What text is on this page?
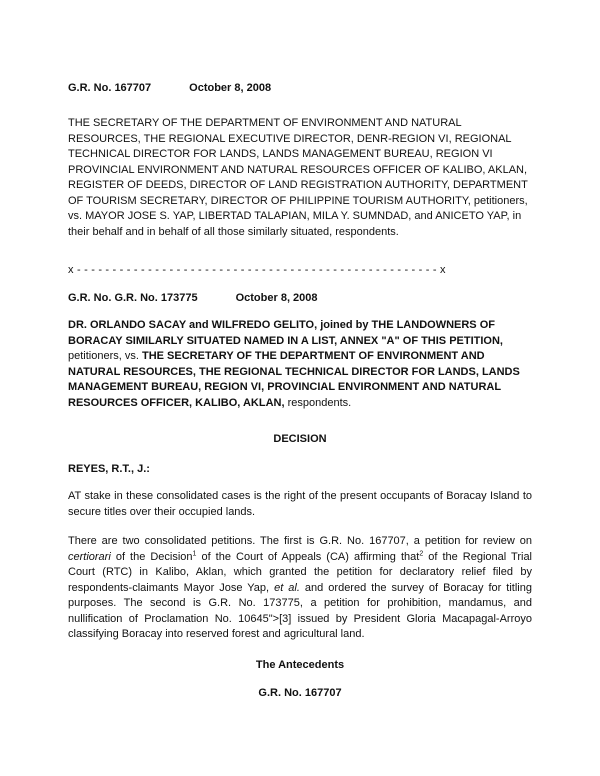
G.R. No. 167707	October 8, 2008

THE SECRETARY OF THE DEPARTMENT OF ENVIRONMENT AND NATURAL RESOURCES, THE REGIONAL EXECUTIVE DIRECTOR, DENR-REGION VI, REGIONAL TECHNICAL DIRECTOR FOR LANDS, LANDS MANAGEMENT BUREAU, REGION VI PROVINCIAL ENVIRONMENT AND NATURAL RESOURCES OFFICER OF KALIBO, AKLAN, REGISTER OF DEEDS, DIRECTOR OF LAND REGISTRATION AUTHORITY, DEPARTMENT OF TOURISM SECRETARY, DIRECTOR OF PHILIPPINE TOURISM AUTHORITY, petitioners, vs. MAYOR JOSE S. YAP, LIBERTAD TALAPIAN, MILA Y. SUMNDAD, and ANICETO YAP, in their behalf and in behalf of all those similarly situated, respondents.

x - - - - - - - - - - - - - - - - - - - - - - - - - - - - - - - - - - - - - - - - - - - - - - - - - - - x

G.R. No. G.R. No. 173775	October 8, 2008

DR. ORLANDO SACAY and WILFREDO GELITO, joined by THE LANDOWNERS OF BORACAY SIMILARLY SITUATED NAMED IN A LIST, ANNEX "A" OF THIS PETITION, petitioners, vs. THE SECRETARY OF THE DEPARTMENT OF ENVIRONMENT AND NATURAL RESOURCES, THE REGIONAL TECHNICAL DIRECTOR FOR LANDS, LANDS MANAGEMENT BUREAU, REGION VI, PROVINCIAL ENVIRONMENT AND NATURAL RESOURCES OFFICER, KALIBO, AKLAN, respondents.

DECISION

REYES, R.T., J.:

AT stake in these consolidated cases is the right of the present occupants of Boracay Island to secure titles over their occupied lands.

There are two consolidated petitions. The first is G.R. No. 167707, a petition for review on certiorari of the Decision$^1$ of the Court of Appeals (CA) affirming that$^2$ of the Regional Trial Court (RTC) in Kalibo, Aklan, which granted the petition for declaratory relief filed by respondents-claimants Mayor Jose Yap, et al. and ordered the survey of Boracay for titling purposes. The second is G.R. No. 173775, a petition for prohibition, mandamus, and nullification of Proclamation No. 10645">[3] issued by President Gloria Macapagal-Arroyo classifying Boracay into reserved forest and agricultural land.

The Antecedents

G.R. No. 167707
